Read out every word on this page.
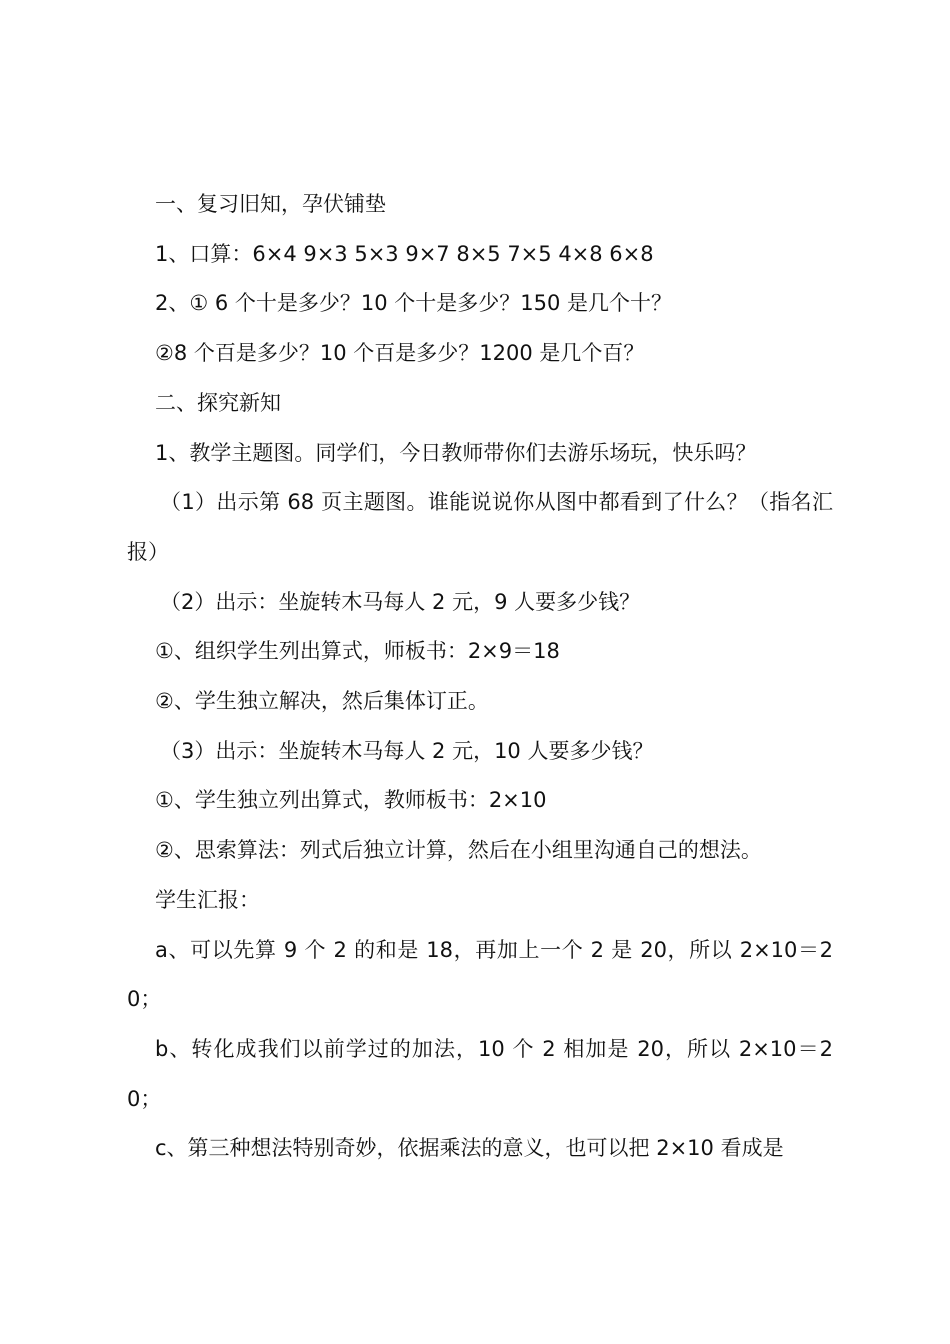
一、复习旧知，孕伏铺垫

1、口算：6×4 9×3 5×3 9×7 8×5 7×5 4×8 6×8

2、① 6 个十是多少？10 个十是多少？150 是几个十？

②8 个百是多少？10 个百是多少？1200 是几个百？

二、探究新知

1、教学主题图。同学们，今日教师带你们去游乐场玩，快乐吗？

（1）出示第 68 页主题图。谁能说说你从图中都看到了什么？（指名汇报）

（2）出示：坐旋转木马每人 2 元，9 人要多少钱？

①、组织学生列出算式，师板书：2×9＝18

②、学生独立解决，然后集体订正。

（3）出示：坐旋转木马每人 2 元，10 人要多少钱？

①、学生独立列出算式，教师板书：2×10

②、思索算法：列式后独立计算，然后在小组里沟通自己的想法。

学生汇报：

a、可以先算 9 个 2 的和是 18，再加上一个 2 是 20，所以 2×10＝20；

b、转化成我们以前学过的加法，10 个 2 相加是 20，所以 2×10＝20；

c、第三种想法特别奇妙，依据乘法的意义，也可以把 2×10 看成是
